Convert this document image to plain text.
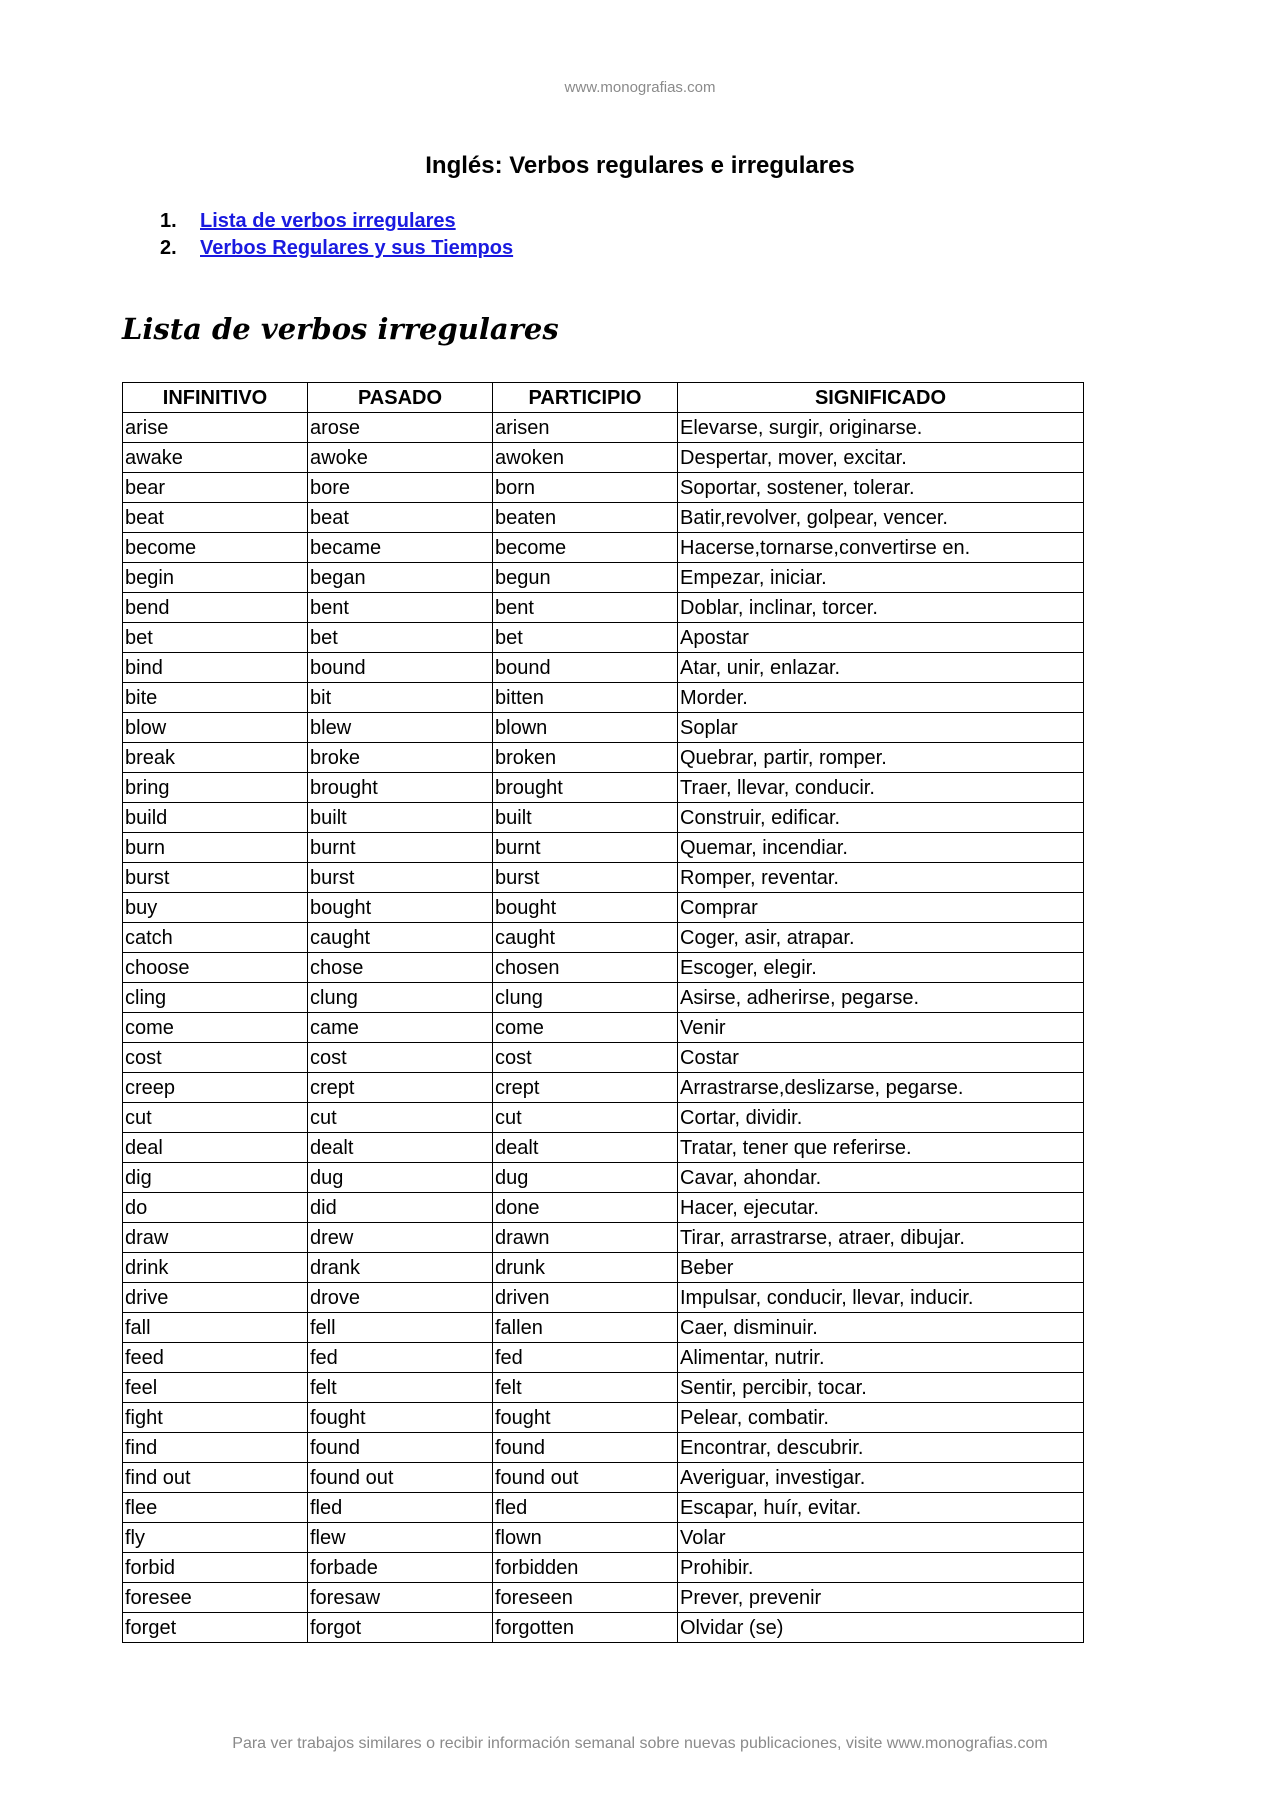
www.monografias.com
Inglés: Verbos regulares e irregulares
1. Lista de verbos irregulares
2. Verbos Regulares y sus Tiempos
Lista de verbos irregulares
INFINITIVO	PASADO	PARTICIPIO	SIGNIFICADO
arise	arose	arisen	Elevarse, surgir, originarse.
awake	awoke	awoken	Despertar, mover, excitar.
bear	bore	born	Soportar, sostener, tolerar.
beat	beat	beaten	Batir,revolver, golpear, vencer.
become	became	become	Hacerse,tornarse,convertirse en.
begin	began	begun	Empezar, iniciar.
bend	bent	bent	Doblar, inclinar, torcer.
bet	bet	bet	Apostar
bind	bound	bound	Atar, unir, enlazar.
bite	bit	bitten	Morder.
blow	blew	blown	Soplar
break	broke	broken	Quebrar, partir, romper.
bring	brought	brought	Traer, llevar, conducir.
build	built	built	Construir, edificar.
burn	burnt	burnt	Quemar, incendiar.
burst	burst	burst	Romper, reventar.
buy	bought	bought	Comprar
catch	caught	caught	Coger, asir, atrapar.
choose	chose	chosen	Escoger, elegir.
cling	clung	clung	Asirse, adherirse, pegarse.
come	came	come	Venir
cost	cost	cost	Costar
creep	crept	crept	Arrastrarse,deslizarse, pegarse.
cut	cut	cut	Cortar, dividir.
deal	dealt	dealt	Tratar, tener que referirse.
dig	dug	dug	Cavar, ahondar.
do	did	done	Hacer, ejecutar.
draw	drew	drawn	Tirar, arrastrarse, atraer, dibujar.
drink	drank	drunk	Beber
drive	drove	driven	Impulsar, conducir, llevar, inducir.
fall	fell	fallen	Caer, disminuir.
feed	fed	fed	Alimentar, nutrir.
feel	felt	felt	Sentir, percibir, tocar.
fight	fought	fought	Pelear, combatir.
find	found	found	Encontrar, descubrir.
find out	found out	found out	Averiguar, investigar.
flee	fled	fled	Escapar, huír, evitar.
fly	flew	flown	Volar
forbid	forbade	forbidden	Prohibir.
foresee	foresaw	foreseen	Prever, prevenir
forget	forgot	forgotten	Olvidar (se)
Para ver trabajos similares o recibir información semanal sobre nuevas publicaciones, visite www.monografias.com
